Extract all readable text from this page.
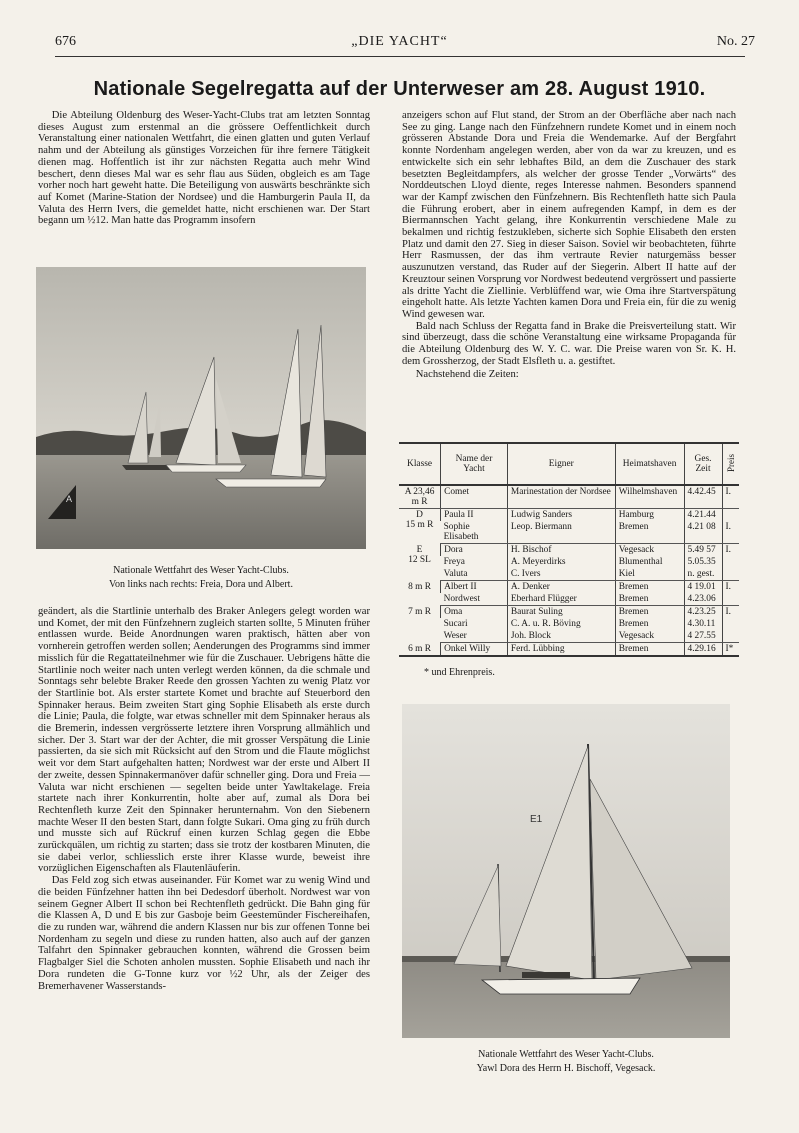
676	„DIE YACHT“	No. 27
Nationale Segelregatta auf der Unterweser am 28. August 1910.

Die Abteilung Oldenburg des Weser-Yacht-Clubs trat am letzten Sonntag dieses August zum erstenmal an die grössere Oeffentlichkeit durch Veranstaltung einer nationalen Wettfahrt, die einen glatten und guten Verlauf nahm und der Abteilung als günstiges Vorzeichen für ihre fernere Tätigkeit dienen mag. Hoffentlich ist ihr zur nächsten Regatta auch mehr Wind beschert, denn dieses Mal war es sehr flau aus Süden, obgleich es am Tage vorher noch hart geweht hatte. Die Beteiligung von auswärts beschränkte sich auf Komet (Marine-Station der Nordsee) und die Hamburgerin Paula II, da Valuta des Herrn Ivers, die gemeldet hatte, nicht erschienen war. Der Start begann um ½12. Man hatte das Programm insofern

A
Nationale Wettfahrt des Weser Yacht-Clubs.
Von links nach rechts: Freia, Dora und Albert.

geändert, als die Startlinie unterhalb des Braker Anlegers gelegt worden war und Komet, der mit den Fünfzehnern zugleich starten sollte, 5 Minuten früher entlassen wurde. Beide Anordnungen waren praktisch, hätten aber von vornherein getroffen werden sollen; Aenderungen des Programms sind immer misslich für die Regattateilnehmer wie für die Zuschauer. Uebrigens hätte die Startlinie noch weiter nach unten verlegt werden können, da die schmale und Sonntags sehr belebte Braker Reede den grossen Yachten zu wenig Platz vor der Startlinie bot. Als erster startete Komet und brachte auf Steuerbord den Spinnaker heraus. Beim zweiten Start ging Sophie Elisabeth als erste durch die Linie; Paula, die folgte, war etwas schneller mit dem Spinnaker heraus als die Bremerin, indessen vergrösserte letztere ihren Vorsprung allmählich und sicher. Der 3. Start war der der Achter, die mit grosser Verspätung die Linie passierten, da sie sich mit Rücksicht auf den Strom und die Flaute möglichst weit vor dem Start aufgehalten hatten; Nordwest war der erste und Albert II der zweite, dessen Spinnakermanöver dafür schneller ging. Dora und Freia — Valuta war nicht erschienen — segelten beide unter Yawltakelage. Freia startete nach ihrer Konkurrentin, holte aber auf, zumal als Dora bei Rechtenfleth kurze Zeit den Spinnaker herunternahm. Von den Siebenern machte Weser II den besten Start, dann folgte Sukari. Oma ging zu früh durch und musste sich auf Rückruf einen kurzen Schlag gegen die Ebbe zurückquälen, um richtig zu starten; dass sie trotz der kostbaren Minuten, die sie dabei verlor, schliesslich erste ihrer Klasse wurde, beweist ihre vorzüglichen Eigenschaften als Flautenläuferin.

Das Feld zog sich etwas auseinander. Für Komet war zu wenig Wind und die beiden Fünfzehner hatten ihn bei Dedesdorf überholt. Nordwest war von seinem Gegner Albert II schon bei Rechtenfleth gedrückt. Die Bahn ging für die Klassen A, D und E bis zur Gasboje beim Geestemünder Fischereihafen, die zu runden war, während die andern Klassen nur bis zur offenen Tonne bei Nordenham zu segeln und diese zu runden hatten, also auch auf der ganzen Talfahrt den Spinnaker gebrauchen konnten, während die Grossen beim Flagbalger Siel die Schoten anholen mussten. Sophie Elisabeth und nach ihr Dora rundeten die G-Tonne kurz vor ½2 Uhr, als der Zeiger des Bremerhavener Wasserstands-

anzeigers schon auf Flut stand, der Strom an der Oberfläche aber nach nach See zu ging. Lange nach den Fünfzehnern rundete Komet und in einem noch grösseren Abstande Dora und Freia die Wendemarke. Auf der Bergfahrt konnte Nordenham angelegen werden, aber von da war zu kreuzen, und es entwickelte sich ein sehr lebhaftes Bild, an dem die Zuschauer des stark besetzten Begleitdampfers, als welcher der grosse Tender „Vorwärts“ des Norddeutschen Lloyd diente, reges Interesse nahmen. Besonders spannend war der Kampf zwischen den Fünfzehnern. Bis Rechtenfleth hatte sich Paula die Führung erobert, aber in einem aufregenden Kampf, in dem es der Biermannschen Yacht gelang, ihre Konkurrentin verschiedene Male zu bekalmen und richtig festzukleben, sicherte sich Sophie Elisabeth den ersten Platz und damit den 27. Sieg in dieser Saison. Soviel wir beobachteten, führte Herr Rasmussen, der das ihm vertraute Revier naturgemäss besser auszunutzen verstand, das Ruder auf der Siegerin. Albert II hatte auf der Kreuztour seinen Vorsprung vor Nordwest bedeutend vergrössert und passierte als dritte Yacht die Ziellinie. Verblüffend war, wie Oma ihre Startverspätung eingeholt hatte. Als letzte Yachten kamen Dora und Freia ein, für die zu wenig Wind gewesen war.

Bald nach Schluss der Regatta fand in Brake die Preisverteilung statt. Wir sind überzeugt, dass die schöne Veranstaltung eine wirksame Propaganda für die Abteilung Oldenburg des W. Y. C. war. Die Preise waren von Sr. K. H. dem Grossherzog, der Stadt Elsfleth u. a. gestiftet.

Nachstehend die Zeiten:

Klasse	Name der Yacht	Eigner	Heimatshaven	Ges. Zeit	Preis

A 23,46
m R	Comet	Marinestation der Nordsee	Wilhelmshaven	4.42.45	I.

D
15 m R	Paula II	Ludwig Sanders	Hamburg	4.21.44	
	Sophie Elisabeth	Leop. Biermann	Bremen	4.21 08	I.

E
12 SL	Dora	H. Bischof	Vegesack	5.49 57	I.
	Freya	A. Meyerdirks	Blumenthal	5.05.35	
	Valuta	C. Ivers	Kiel	n. gest.	

8 m R	Albert II	A. Denker	Bremen	4 19.01	I.
	Nordwest	Eberhard Flügger	Bremen	4.23.06	

7 m R	Oma	Baurat Suling	Bremen	4.23.25	I.
	Sucari	C. A. u. R. Böving	Bremen	4.30.11	
	Weser	Joh. Block	Vegesack	4 27.55	

6 m R	Onkel Willy	Ferd. Lübbing	Bremen	4.29.16	I*
* und Ehrenpreis.
E1
Nationale Wettfahrt des Weser Yacht-Clubs.
Yawl Dora des Herrn H. Bischoff, Vegesack.
